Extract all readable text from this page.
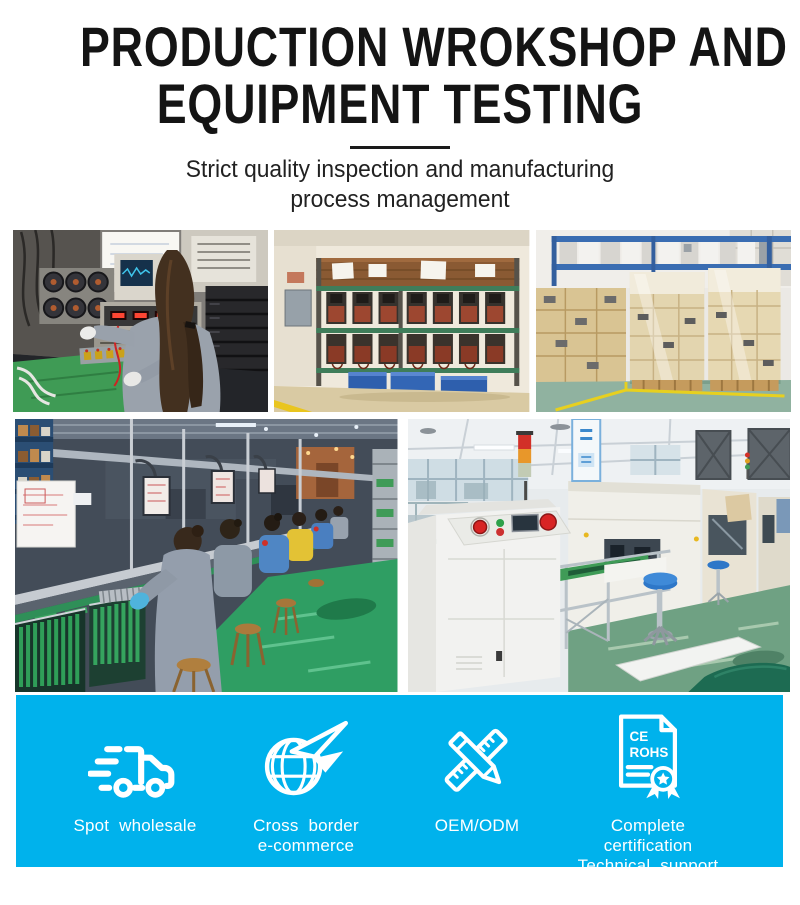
PRODUCTION WROKSHOP AND
EQUIPMENT TESTING
Strict quality inspection and manufacturing
process management
Spot wholesale	Cross border
e-commerce
OEM/ODM
CE
ROHS
Complete certification
Technical support
